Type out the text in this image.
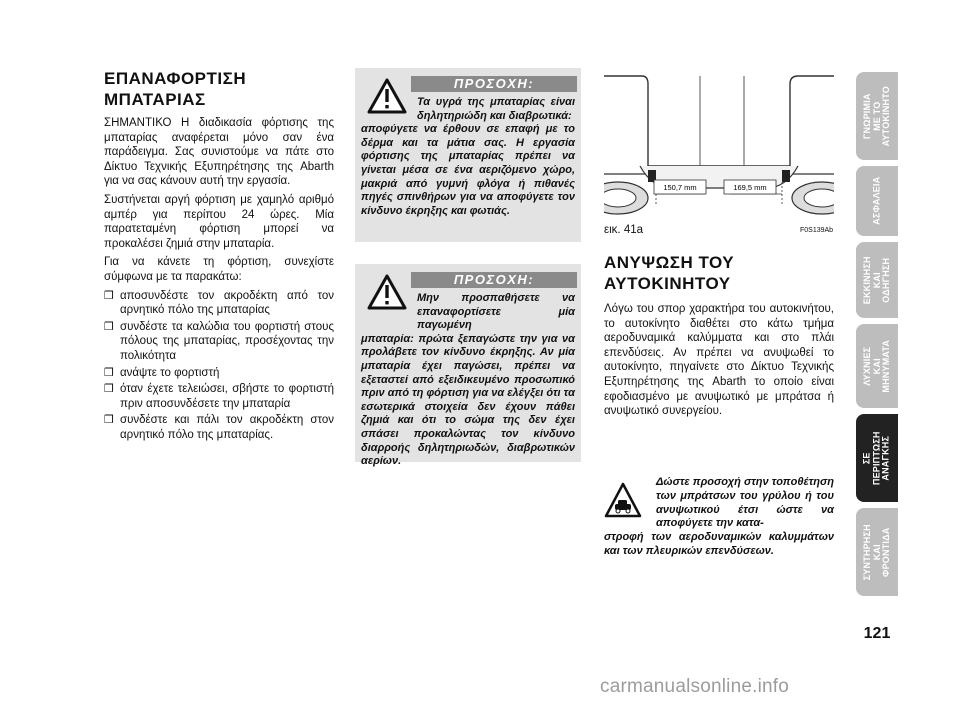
ΕΠΑΝΑΦΟΡΤΙΣΗ
ΜΠΑΤΑΡΙΑΣ

ΣΗΜΑΝΤΙΚΟ Η διαδικασία φόρτισης της μπαταρίας αναφέρεται μόνο σαν ένα παράδειγμα. Σας συνιστούμε να πάτε στο Δίκτυο Τεχνικής Εξυπηρέτησης της Abarth για να σας κάνουν αυτή την εργασία.

Συστήνεται αργή φόρτιση με χαμηλό αριθμό αμπέρ για περίπου 24 ώρες. Μία παρατεταμένη φόρτιση μπορεί να προκαλέσει ζημιά στην μπαταρία.

Για να κάνετε τη φόρτιση, συνεχίστε σύμφωνα με τα παρακάτω:

❒ αποσυνδέστε τον ακροδέκτη από τον αρνητικό πόλο της μπαταρίας
❒ συνδέστε τα καλώδια του φορτιστή στους πόλους της μπαταρίας, προσέχοντας την πολικότητα
❒ ανάψτε το φορτιστή
❒ όταν έχετε τελειώσει, σβήστε το φορτιστή πριν αποσυνδέσετε την μπαταρία
❒ συνδέστε και πάλι τον ακροδέκτη στον αρνητικό πόλο της μπαταρίας.
ΠΡΟΣΟΧΗ:
Τα υγρά της μπαταρίας είναι δηλητηριώδη και διαβρωτικά:
αποφύγετε να έρθουν σε επαφή με το δέρμα και τα μάτια σας. Η εργασία φόρτισης της μπαταρίας πρέπει να γίνεται μέσα σε ένα αεριζόμενο χώρο, μακριά από γυμνή φλόγα ή πιθανές πηγές σπινθήρων για να αποφύγετε τον κίνδυνο έκρηξης και φωτιάς.
ΠΡΟΣΟΧΗ:
Μην προσπαθήσετε να επαναφορτίσετε μία παγωμένη
μπαταρία: πρώτα ξεπαγώστε την για να προλάβετε τον κίνδυνο έκρηξης. Αν μία μπαταρία έχει παγώσει, πρέπει να εξεταστεί από εξειδικευμένο προσωπικό πριν από τη φόρτιση για να ελέγξει ότι τα εσωτερικά στοιχεία δεν έχουν πάθει ζημιά και ότι το σώμα της δεν έχει σπάσει προκαλώντας τον κίνδυνο διαρροής δηλητηριωδών, διαβρωτικών αερίων.
150,7 mm	169,5 mm
εικ. 41a	F0S139Ab
ΑΝΥΨΩΣΗ ΤΟΥ
ΑΥΤΟΚΙΝΗΤΟΥ

Λόγω του σπορ χαρακτήρα του αυτοκινήτου, το αυτοκίνητο διαθέτει στο κάτω τμήμα αεροδυναμικά καλύμματα και στο πλάι επενδύσεις. Αν πρέπει να ανυψωθεί το αυτοκίνητο, πηγαίνετε στο Δίκτυο Τεχνικής Εξυπηρέτησης της Abarth το οποίο είναι εφοδιασμένο με ανυψωτικό με μπράτσα ή ανυψωτικό συνεργείου.

Δώστε προσοχή στην τοποθέτηση των μπράτσων του γρύλου ή του ανυψωτικού έτσι ώστε να αποφύγετε την κατα-
στροφή των αεροδυναμικών καλυμμάτων και των πλευρικών επενδύσεων.
ΓΝΩΡΙΜΙΑ
ΜΕ ΤΟ
ΑΥΤΟΚΙΝΗΤΟ
ΑΣΦΑΛΕΙΑ
ΕΚΚΙΝΗΣΗ
ΚΑΙ
ΟΔΗΓΗΣΗ
ΛΥΧΝΙΕΣ
ΚΑΙ
ΜΗΝΥΜΑΤΑ
ΣΕ
ΠΕΡΙΠΤΩΣΗ
ΑΝΑΓΚΗΣ
ΣΥΝΤΗΡΗΣΗ
ΚΑΙ
ΦΡΟΝΤΙΔΑ
121
carmanualsonline.info
